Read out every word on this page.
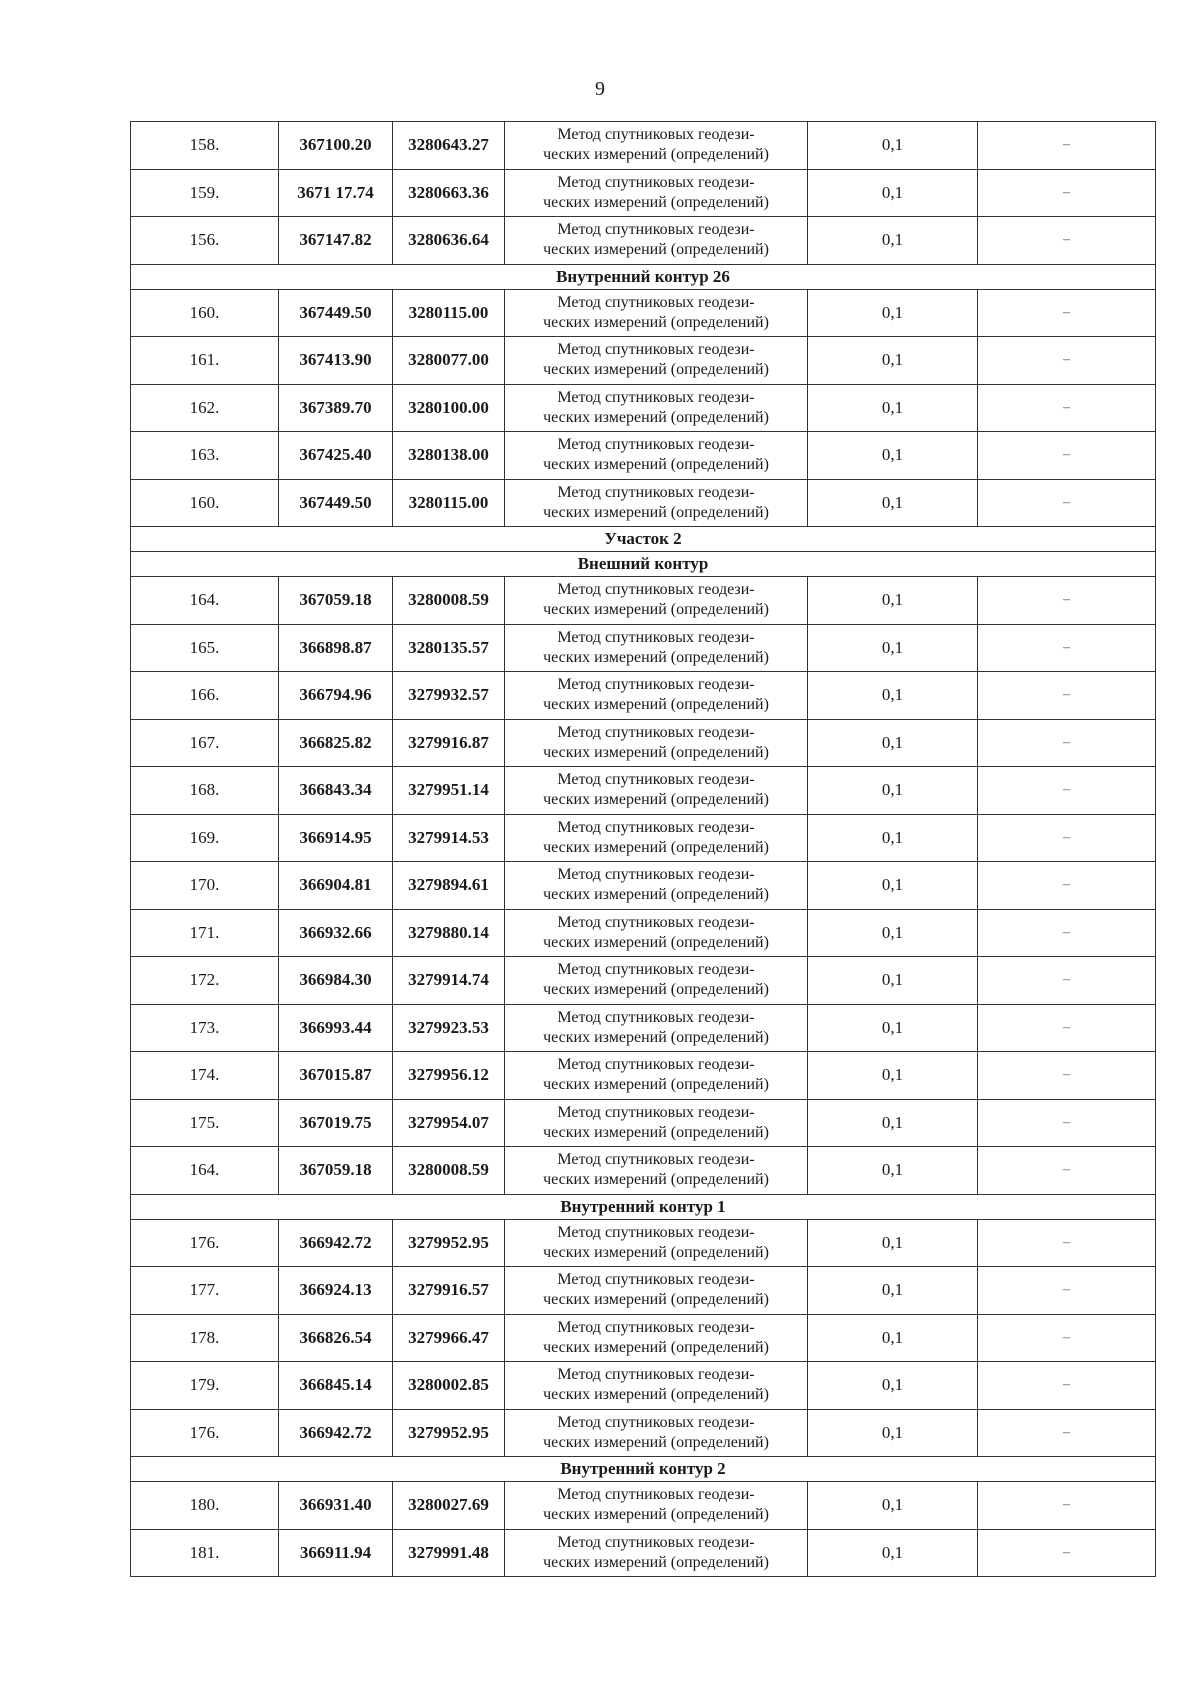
9
158.	367100.20	3280643.27	Метод спутниковых геодези-
ческих измерений (определений)	0,1	–
159.	3671 17.74	3280663.36	Метод спутниковых геодези-
ческих измерений (определений)	0,1	–
156.	367147.82	3280636.64	Метод спутниковых геодези-
ческих измерений (определений)	0,1	–
Внутренний контур 26					
160.	367449.50	3280115.00	Метод спутниковых геодези-
ческих измерений (определений)	0,1	–
161.	367413.90	3280077.00	Метод спутниковых геодези-
ческих измерений (определений)	0,1	–
162.	367389.70	3280100.00	Метод спутниковых геодези-
ческих измерений (определений)	0,1	–
163.	367425.40	3280138.00	Метод спутниковых геодези-
ческих измерений (определений)	0,1	–
160.	367449.50	3280115.00	Метод спутниковых геодези-
ческих измерений (определений)	0,1	–
Участок 2					
Внешний контур					
164.	367059.18	3280008.59	Метод спутниковых геодези-
ческих измерений (определений)	0,1	–
165.	366898.87	3280135.57	Метод спутниковых геодези-
ческих измерений (определений)	0,1	–
166.	366794.96	3279932.57	Метод спутниковых геодези-
ческих измерений (определений)	0,1	–
167.	366825.82	3279916.87	Метод спутниковых геодези-
ческих измерений (определений)	0,1	–
168.	366843.34	3279951.14	Метод спутниковых геодези-
ческих измерений (определений)	0,1	–
169.	366914.95	3279914.53	Метод спутниковых геодези-
ческих измерений (определений)	0,1	–
170.	366904.81	3279894.61	Метод спутниковых геодези-
ческих измерений (определений)	0,1	–
171.	366932.66	3279880.14	Метод спутниковых геодези-
ческих измерений (определений)	0,1	–
172.	366984.30	3279914.74	Метод спутниковых геодези-
ческих измерений (определений)	0,1	–
173.	366993.44	3279923.53	Метод спутниковых геодези-
ческих измерений (определений)	0,1	–
174.	367015.87	3279956.12	Метод спутниковых геодези-
ческих измерений (определений)	0,1	–
175.	367019.75	3279954.07	Метод спутниковых геодези-
ческих измерений (определений)	0,1	–
164.	367059.18	3280008.59	Метод спутниковых геодези-
ческих измерений (определений)	0,1	–
Внутренний контур 1					
176.	366942.72	3279952.95	Метод спутниковых геодези-
ческих измерений (определений)	0,1	–
177.	366924.13	3279916.57	Метод спутниковых геодези-
ческих измерений (определений)	0,1	–
178.	366826.54	3279966.47	Метод спутниковых геодези-
ческих измерений (определений)	0,1	–
179.	366845.14	3280002.85	Метод спутниковых геодези-
ческих измерений (определений)	0,1	–
176.	366942.72	3279952.95	Метод спутниковых геодези-
ческих измерений (определений)	0,1	–
Внутренний контур 2					
180.	366931.40	3280027.69	Метод спутниковых геодези-
ческих измерений (определений)	0,1	–
181.	366911.94	3279991.48	Метод спутниковых геодези-
ческих измерений (определений)	0,1	–
